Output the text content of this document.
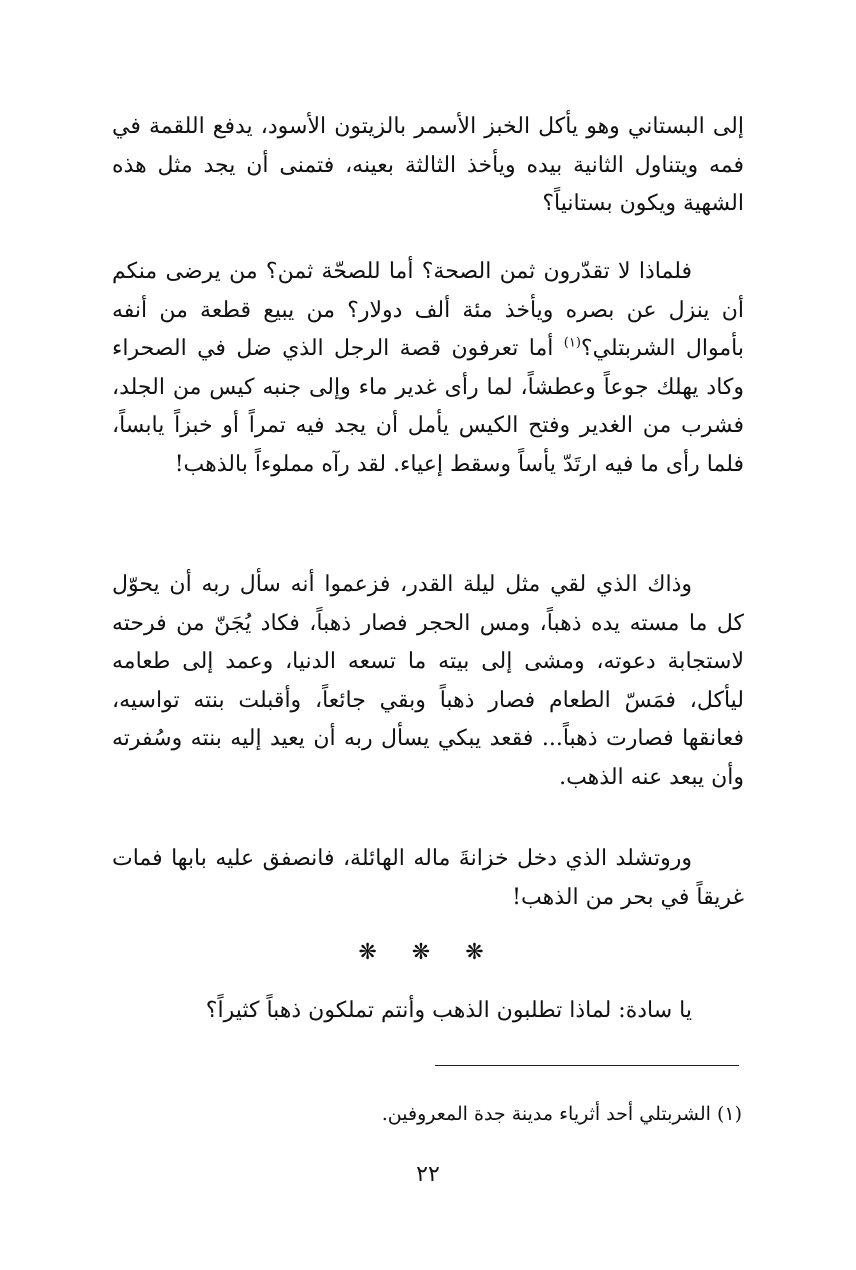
إلى البستاني وهو يأكل الخبز الأسمر بالزيتون الأسود، يدفع اللقمة في فمه ويتناول الثانية بيده ويأخذ الثالثة بعينه، فتمنى أن يجد مثل هذه الشهية ويكون بستانياً؟

فلماذا لا تقدّرون ثمن الصحة؟ أما للصحّة ثمن؟ من يرضى منكم أن ينزل عن بصره ويأخذ مئة ألف دولار؟ من يبيع قطعة من أنفه بأموال الشربتلي؟$^{(١)}$ أما تعرفون قصة الرجل الذي ضل في الصحراء وكاد يهلك جوعاً وعطشاً، لما رأى غدير ماء وإلى جنبه كيس من الجلد، فشرب من الغدير وفتح الكيس يأمل أن يجد فيه تمراً أو خبزاً يابساً، فلما رأى ما فيه ارتَدّ يأساً وسقط إعياء. لقد رآه مملوءاً بالذهب!

وذاك الذي لقي مثل ليلة القدر، فزعموا أنه سأل ربه أن يحوّل كل ما مسته يده ذهباً، ومس الحجر فصار ذهباً، فكاد يُجَنّ من فرحته لاستجابة دعوته، ومشى إلى بيته ما تسعه الدنيا، وعمد إلى طعامه ليأكل، فمَسّ الطعام فصار ذهباً وبقي جائعاً، وأقبلت بنته تواسيه، فعانقها فصارت ذهباً... فقعد يبكي يسأل ربه أن يعيد إليه بنته وسُفرته وأن يبعد عنه الذهب.

وروتشلد الذي دخل خزانةَ ماله الهائلة، فانصفق عليه بابها فمات غريقاً في بحر من الذهب!

❋ ❋ ❋

يا سادة: لماذا تطلبون الذهب وأنتم تملكون ذهباً كثيراً؟

(١) الشربتلي أحد أثرياء مدينة جدة المعروفين.

٢٢
